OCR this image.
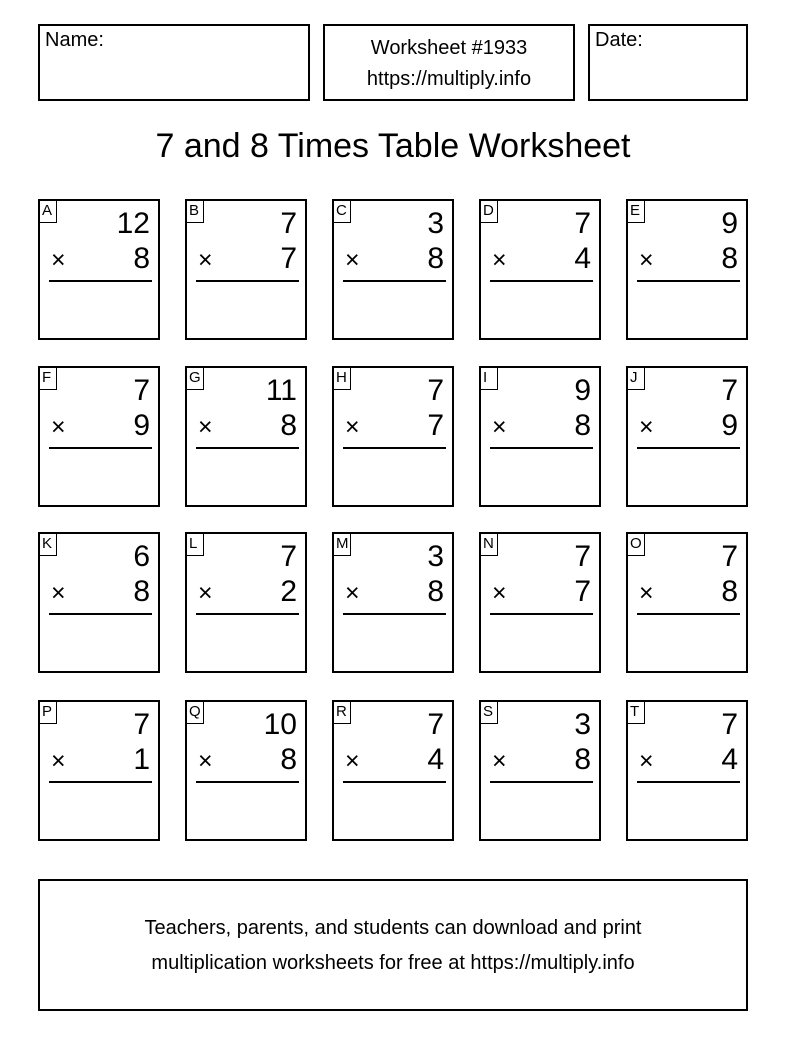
Name:	Worksheet #1933
https://multiply.info
Date:
7 and 8 Times Table Worksheet
A 12
× 8
B	7
× 7
C	3
× 8
D	7
× 4
E	9
× 8
F	7
× 9
G 11
× 8
H	7
× 7
I	9
× 8
J	7
× 9
K	6
× 8
L	7
× 2
M	3
× 8
N	7
× 7
O	7
× 8
P	7
× 1
Q 10
× 8
R	7
× 4
S	3
× 8
T	7
× 4
Teachers, parents, and students can download and print
multiplication worksheets for free at https://multiply.info
